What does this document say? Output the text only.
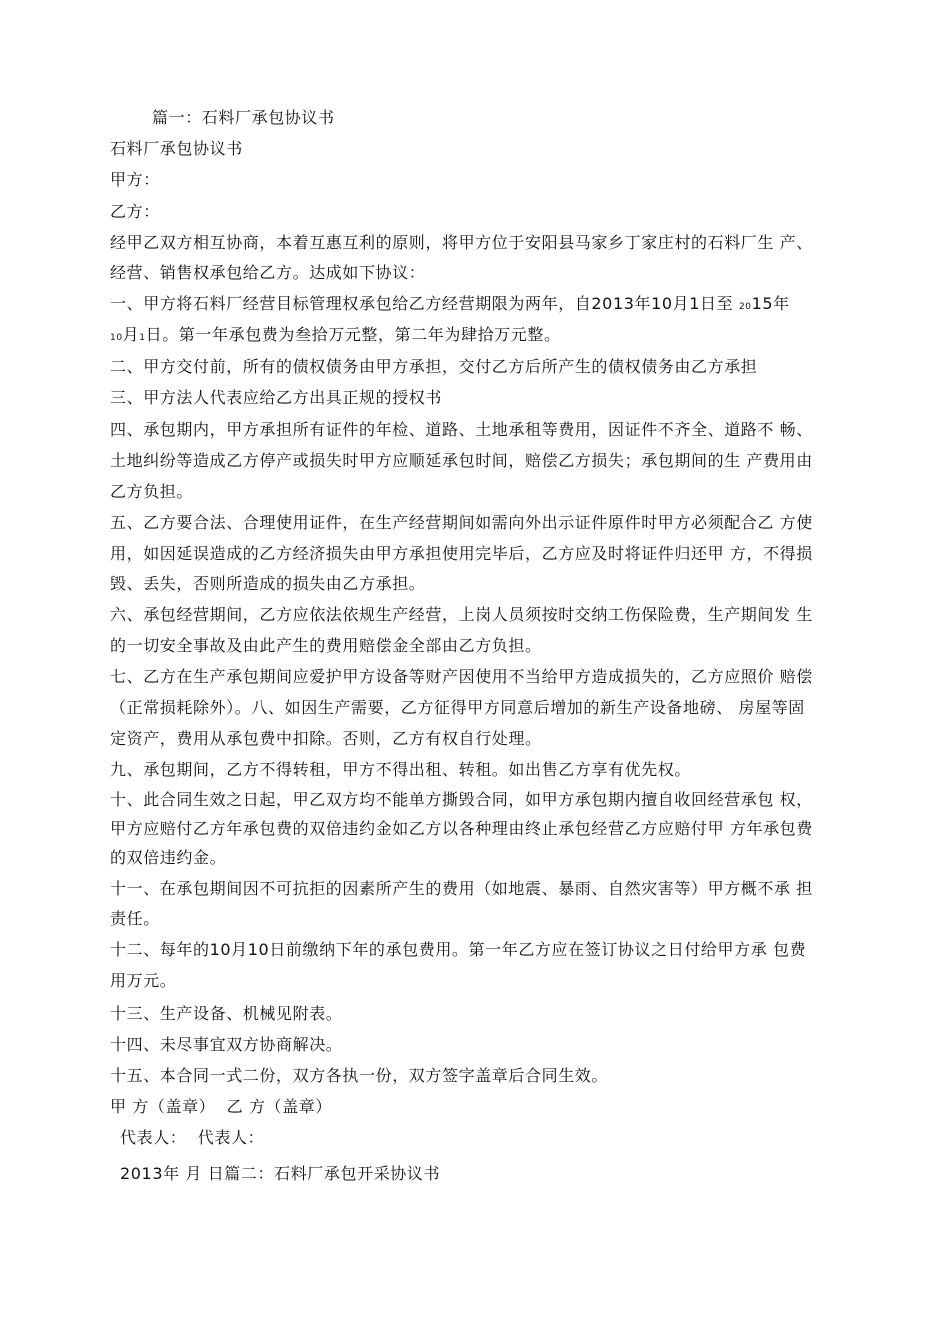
篇一：石料厂承包协议书
石料厂承包协议书
甲方：
乙方：
经甲乙双方相互协商，本着互惠互利的原则，将甲方位于安阳县马家乡丁家庄村的石料厂生 产、
经营、销售权承包给乙方。达成如下协议：
一、甲方将石料厂经营目标管理权承包给乙方经营期限为两年，自2013年10月1日至 2015年
10月1日。第一年承包费为叁拾万元整，第二年为肆拾万元整。
二、甲方交付前，所有的债权债务由甲方承担，交付乙方后所产生的债权债务由乙方承担
三、甲方法人代表应给乙方出具正规的授权书
四、承包期内，甲方承担所有证件的年检、道路、土地承租等费用，因证件不齐全、道路不 畅、
土地纠纷等造成乙方停产或损失时甲方应顺延承包时间，赔偿乙方损失；承包期间的生 产费用由
乙方负担。
五、乙方要合法、合理使用证件，在生产经营期间如需向外出示证件原件时甲方必须配合乙 方使
用，如因延误造成的乙方经济损失由甲方承担使用完毕后，乙方应及时将证件归还甲 方，不得损
毁、丢失，否则所造成的损失由乙方承担。
六、承包经营期间，乙方应依法依规生产经营，上岗人员须按时交纳工伤保险费，生产期间发 生
的一切安全事故及由此产生的费用赔偿金全部由乙方负担。
七、乙方在生产承包期间应爱护甲方设备等财产因使用不当给甲方造成损失的，乙方应照价 赔偿
（正常损耗除外）。八、如因生产需要，乙方征得甲方同意后增加的新生产设备地磅、 房屋等固
定资产，费用从承包费中扣除。否则，乙方有权自行处理。
九、承包期间，乙方不得转租，甲方不得出租、转租。如出售乙方享有优先权。
十、此合同生效之日起，甲乙双方均不能单方撕毁合同，如甲方承包期内擅自收回经营承包 权，
甲方应赔付乙方年承包费的双倍违约金如乙方以各种理由终止承包经营乙方应赔付甲 方年承包费
的双倍违约金。
十一、在承包期间因不可抗拒的因素所产生的费用（如地震、暴雨、自然灾害等）甲方概不承 担
责任。
十二、每年的10月10日前缴纳下年的承包费用。第一年乙方应在签订协议之日付给甲方承 包费
用万元。
十三、生产设备、机械见附表。
十四、未尽事宜双方协商解决。
十五、本合同一式二份，双方各执一份，双方签字盖章后合同生效。
甲 方（盖章）  乙 方（盖章）
代表人：  代表人：
2013年 月 日篇二：石料厂承包开采协议书
